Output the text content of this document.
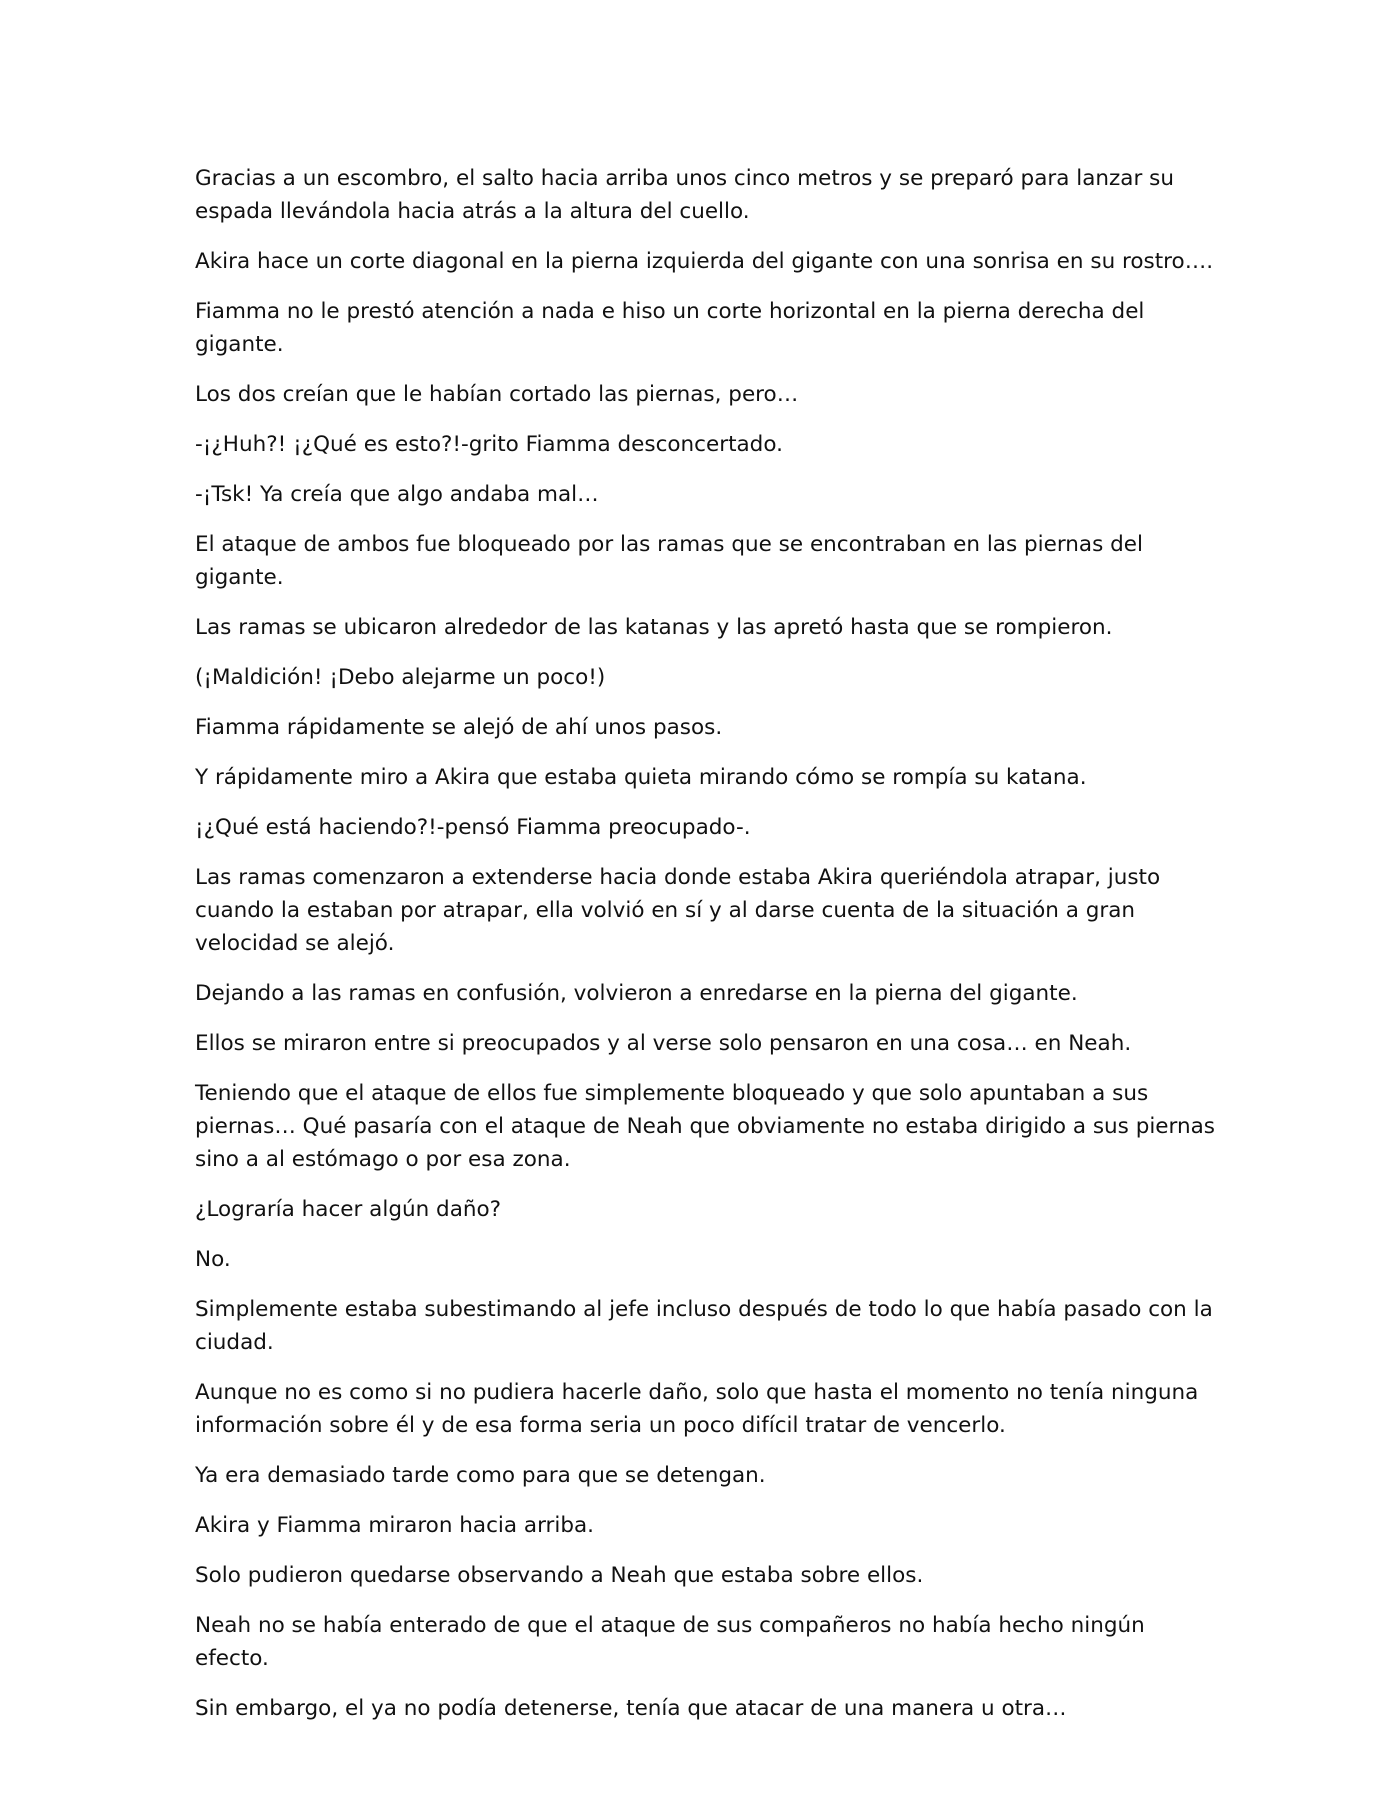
Gracias a un escombro, el salto hacia arriba unos cinco metros y se preparó para lanzar su espada llevándola hacia atrás a la altura del cuello.

Akira hace un corte diagonal en la pierna izquierda del gigante con una sonrisa en su rostro….

Fiamma no le prestó atención a nada e hiso un corte horizontal en la pierna derecha del gigante.

Los dos creían que le habían cortado las piernas, pero…

-¡¿Huh?! ¡¿Qué es esto?!-grito Fiamma desconcertado.

-¡Tsk! Ya creía que algo andaba mal…

El ataque de ambos fue bloqueado por las ramas que se encontraban en las piernas del gigante.

Las ramas se ubicaron alrededor de las katanas y las apretó hasta que se rompieron.

(¡Maldición! ¡Debo alejarme un poco!)

Fiamma rápidamente se alejó de ahí unos pasos.

Y rápidamente miro a Akira que estaba quieta mirando cómo se rompía su katana.

¡¿Qué está haciendo?!-pensó Fiamma preocupado-.

Las ramas comenzaron a extenderse hacia donde estaba Akira queriéndola atrapar, justo cuando la estaban por atrapar, ella volvió en sí y al darse cuenta de la situación a gran velocidad se alejó.

Dejando a las ramas en confusión, volvieron a enredarse en la pierna del gigante.

Ellos se miraron entre si preocupados y al verse solo pensaron en una cosa… en Neah.

Teniendo que el ataque de ellos fue simplemente bloqueado y que solo apuntaban a sus piernas… Qué pasaría con el ataque de Neah que obviamente no estaba dirigido a sus piernas sino a al estómago o por esa zona.

¿Lograría hacer algún daño?

No.

Simplemente estaba subestimando al jefe incluso después de todo lo que había pasado con la ciudad.

Aunque no es como si no pudiera hacerle daño, solo que hasta el momento no tenía ninguna información sobre él y de esa forma seria un poco difícil tratar de vencerlo.

Ya era demasiado tarde como para que se detengan.

Akira y Fiamma miraron hacia arriba.

Solo pudieron quedarse observando a Neah que estaba sobre ellos.

Neah no se había enterado de que el ataque de sus compañeros no había hecho ningún efecto.

Sin embargo, el ya no podía detenerse, tenía que atacar de una manera u otra…
